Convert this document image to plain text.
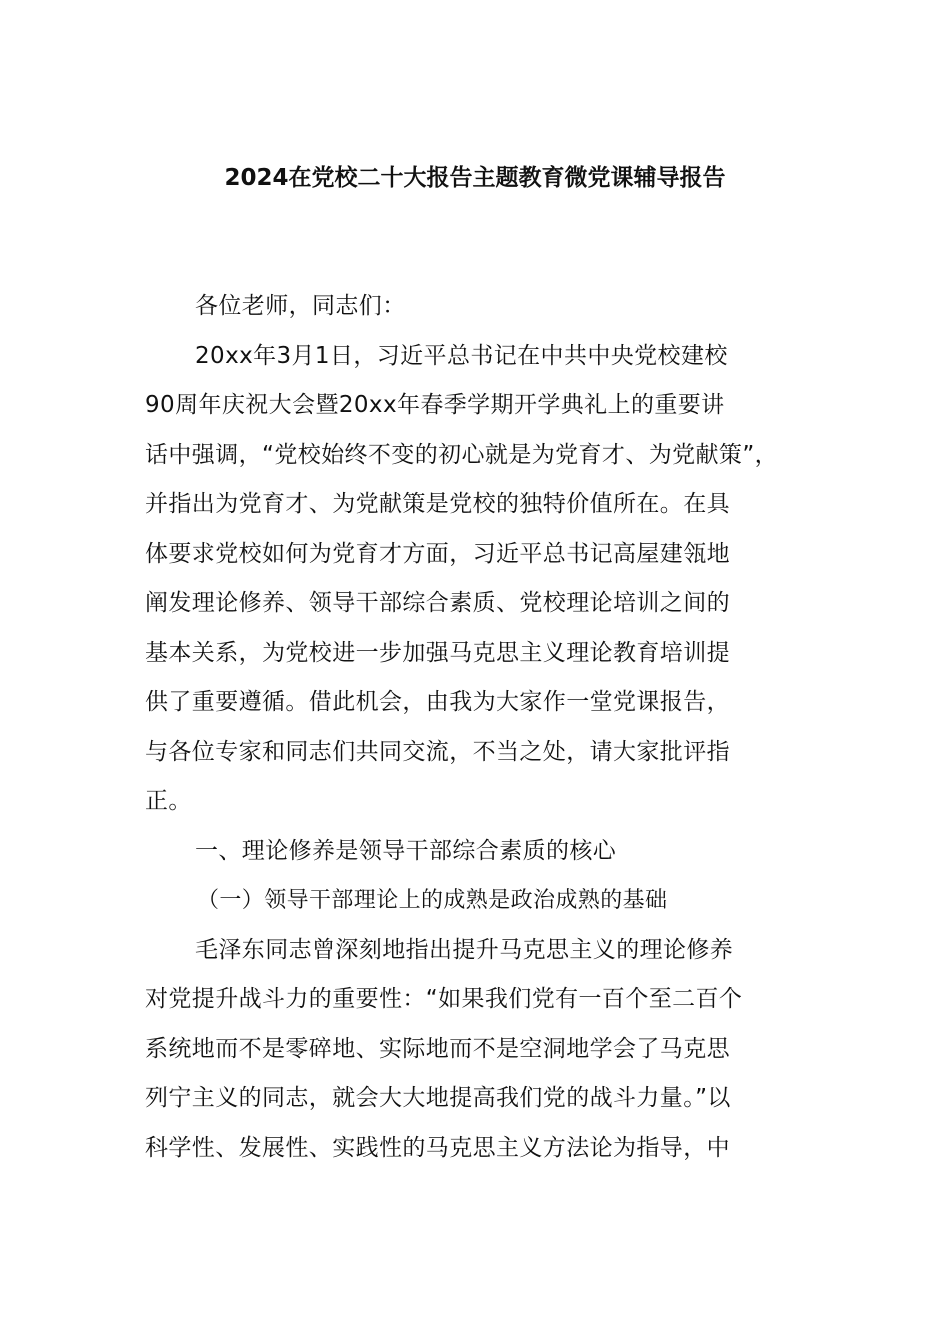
2024在党校二十大报告主题教育微党课辅导报告

各位老师，同志们：

20xx年3月1日，习近平总书记在中共中央党校建校
90周年庆祝大会暨20xx年春季学期开学典礼上的重要讲
话中强调，“党校始终不变的初心就是为党育才、为党献策”，
并指出为党育才、为党献策是党校的独特价值所在。在具
体要求党校如何为党育才方面，习近平总书记高屋建瓴地
阐发理论修养、领导干部综合素质、党校理论培训之间的
基本关系，为党校进一步加强马克思主义理论教育培训提
供了重要遵循。借此机会，由我为大家作一堂党课报告，
与各位专家和同志们共同交流，不当之处，请大家批评指
正。

一、理论修养是领导干部综合素质的核心

（一）领导干部理论上的成熟是政治成熟的基础

毛泽东同志曾深刻地指出提升马克思主义的理论修养
对党提升战斗力的重要性：“如果我们党有一百个至二百个
系统地而不是零碎地、实际地而不是空洞地学会了马克思
列宁主义的同志，就会大大地提高我们党的战斗力量。”以
科学性、发展性、实践性的马克思主义方法论为指导，中
